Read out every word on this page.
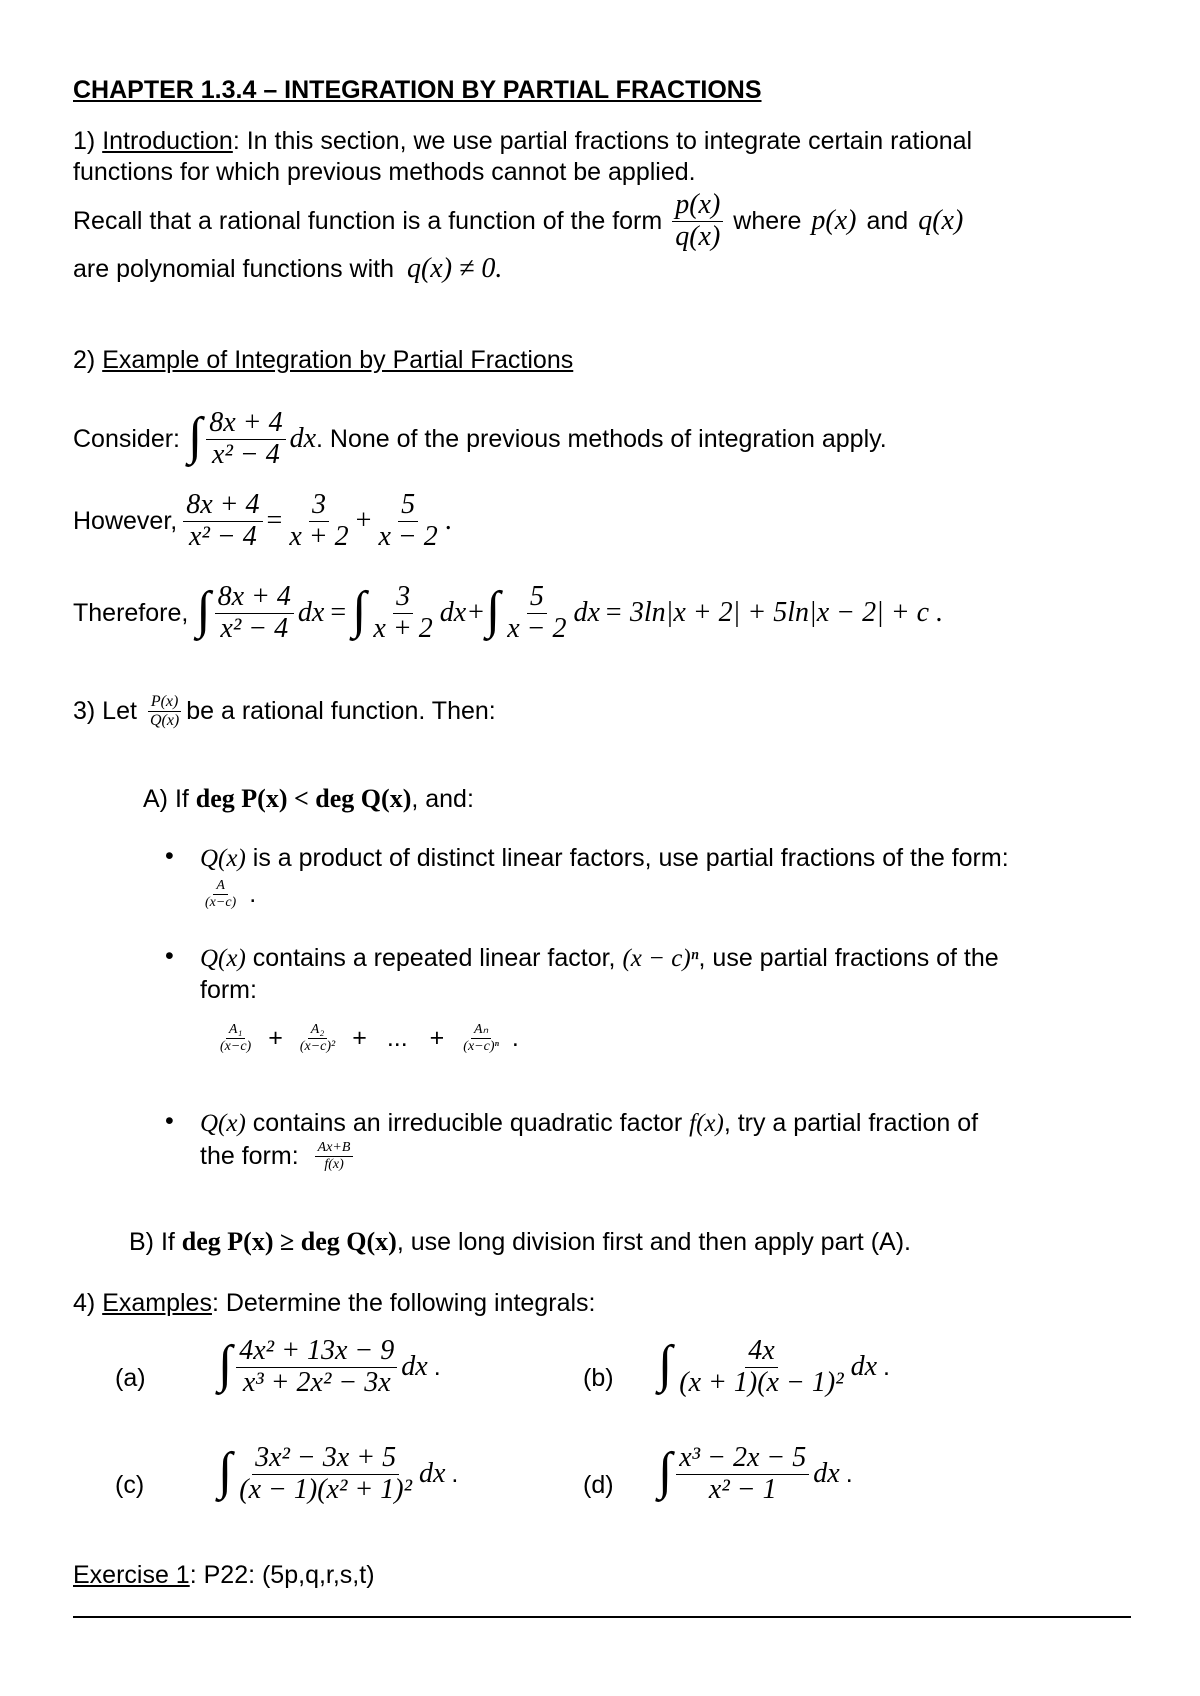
CHAPTER 1.3.4 – INTEGRATION BY PARTIAL FRACTIONS
1) Introduction: In this section, we use partial fractions to integrate certain rational
functions for which previous methods cannot be applied.
Recall that a rational function is a function of the form $\frac{p(x)}{q(x)}$ where p(x) and q(x)
are polynomial functions with q(x) ≠ 0.
2) Example of Integration by Partial Fractions
Consider: ∫ $\frac{8x + 4}{\text{x² − 4}}$ dx . None of the previous methods of integration apply.
However, $\frac{8x + 4}{\text{x² − 4}} = \frac{3}{x + 2} + \frac{5}{x - 2}$ .
Therefore, ∫ $\frac{8x + 4}{\text{x² − 4}}$ dx = ∫ $\frac{3}{x + 2}$ dx + ∫ $\frac{5}{x - 2}$ dx = 3ln|x + 2| + 5ln|x − 2| + c .
3) Let $\frac{P(x)}{Q(x)}$ be a rational function. Then:
A) If deg P(x) < deg Q(x), and:
• Q(x) is a product of distinct linear factors, use partial fractions of the form:
$\frac{A}{(x-c)}$ .
• Q(x) contains a repeated linear factor, (x − c)ⁿ, use partial fractions of the
form:
$\frac{\text{A₁}}{(x-c)} + \frac{\text{A₂}}{\text{(x−c)²}}$ + ... + $\frac{\text{Aₙ}}{\text{(x−c)ⁿ}}$ .
• Q(x) contains an irreducible quadratic factor f(x), try a partial fraction of
the form: $\frac{Ax+B}{f(x)}$
B) If deg P(x) ≥ deg Q(x), use long division first and then apply part (A).
4) Examples: Determine the following integrals:
(a) ∫ $\frac{\text{4x² + 13x − 9}}{\text{x³ + 2x² − 3x}}$ dx .	(b) ∫ $\frac{4x}{\text{(x + 1)(x − 1)²}}$ dx .
(c) ∫ $\frac{\text{3x² − 3x + 5}}{\text{(x − 1)(x² + 1)²}}$ dx .	(d) ∫ $\frac{\text{x³ − 2x − 5}}{\text{x² − 1}}$ dx .
Exercise 1: P22: (5p,q,r,s,t)
